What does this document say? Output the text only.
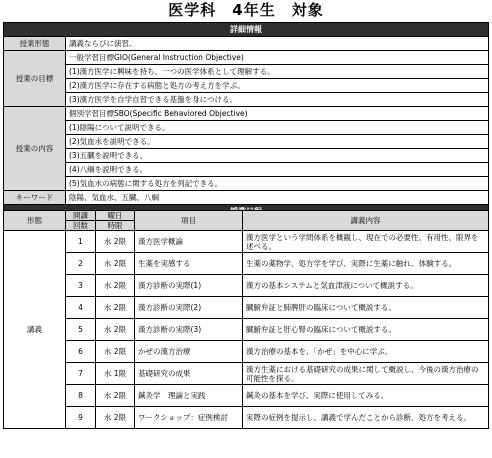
医学科　4年生　対象
詳細情報	
授業形態	講義ならびに演習。
授業の目標	一般学習目標GIO(General Instruction Objective)
	(1)漢方医学に興味を持ち、一つの医学体系として理解する。
	(2)漢方医学に存在する病態と処方の考え方を学ぶ。
	(3)漢方医学を自学自習できる基盤を身につける。
授業の内容	個別学習目標SBO(Specific Behaviored Objective)
	(1)陰陽について説明できる。
	(2)気血水を説明できる。
	(3)五臓を説明できる。
	(4)八綱を説明できる。
	(5)気血水の病態に関する処方を列記できる。
キーワード	陰陽、気血水、五臓、八綱

形態	開講	曜日	項目	講義内容
	回数	時限		
講義	1	水 2限	漢方医学概論	漢方医学という学問体系を概観し、現在での必要性、有用性、限界を述べる。
	2	水 2限	生薬を実感する	生薬の薬物学、処方学を学び、実際に生薬に触れ、体験する。
	3	水 2限	漢方診断の実際(1)	漢方の基本システムと気血津液について概説する。
	4	水 2限	漢方診断の実際(2)	臓腑弁証と肺脾肝の臨床について概説する。
	5	水 2限	漢方診断の実際(3)	臓腑弁証と肝心腎の臨床について概説する。
	6	水 2限	かぜの漢方治療	漢方治療の基本を、「かぜ」を中心に学ぶ。
	7	水 1限	基礎研究の成果	漢方生薬における基礎研究の成果に関して概説し、今後の漢方治療の可能性を探る。
	8	水 2限	鍼灸学　理論と実践	鍼灸の基本を学び、実際に使用してみる。
	9	水 2限	ワークショップ：症例検討	実際の症例を提示し、講義で学んだことから診断、処方を考える。
